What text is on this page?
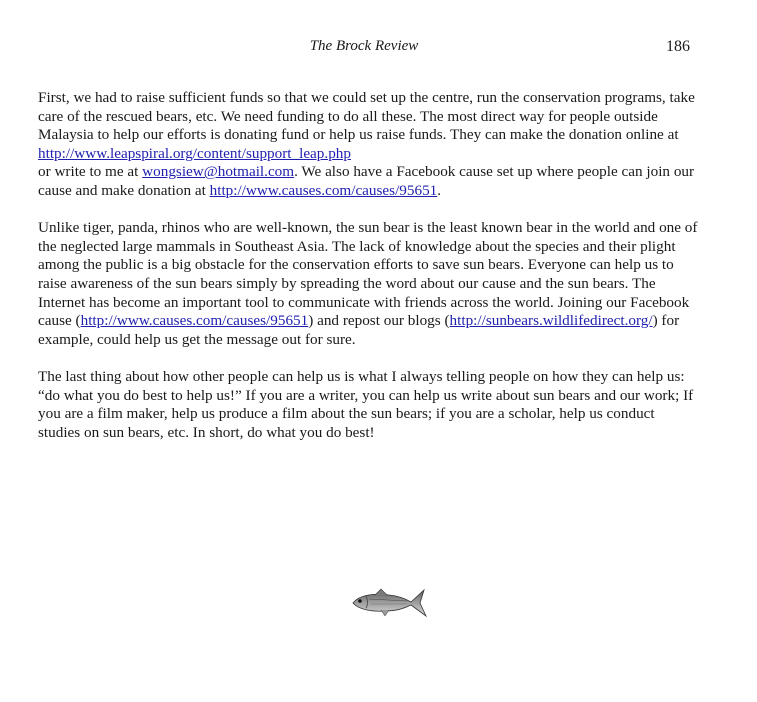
The Brock Review	186

First, we had to raise sufficient funds so that we could set up the centre, run the conservation programs, take care of the rescued bears, etc. We need funding to do all these. The most direct way for people outside Malaysia to help our efforts is donating fund or help us raise funds. They can make the donation online at  http://www.leapspiral.org/content/support_leap.php
or write to me at wongsiew@hotmail.com. We also have a Facebook cause set up where people can join our cause and make donation at http://www.causes.com/causes/95651.

Unlike tiger, panda, rhinos who are well-known, the sun bear is the least known bear in the world and one of the neglected large mammals in Southeast Asia. The lack of knowledge about the species and their plight among the public is a big obstacle for the conservation efforts to save sun bears. Everyone can help us to raise awareness of the sun bears simply by spreading the word about our cause and the sun bears. The Internet has become an important tool to communicate with friends across the world. Joining our Facebook cause (http://www.causes.com/causes/95651) and repost our blogs (http://sunbears.wildlifedirect.org/) for example, could help us get the message out for sure.

The last thing about how other people can help us is what I always telling people on how they can help us: “do what you do best to help us!” If you are a writer, you can help us write about sun bears and our work; If you are a film maker, help us produce a film about the sun bears; if you are a scholar, help us conduct studies on sun bears, etc. In short, do what you do best!
